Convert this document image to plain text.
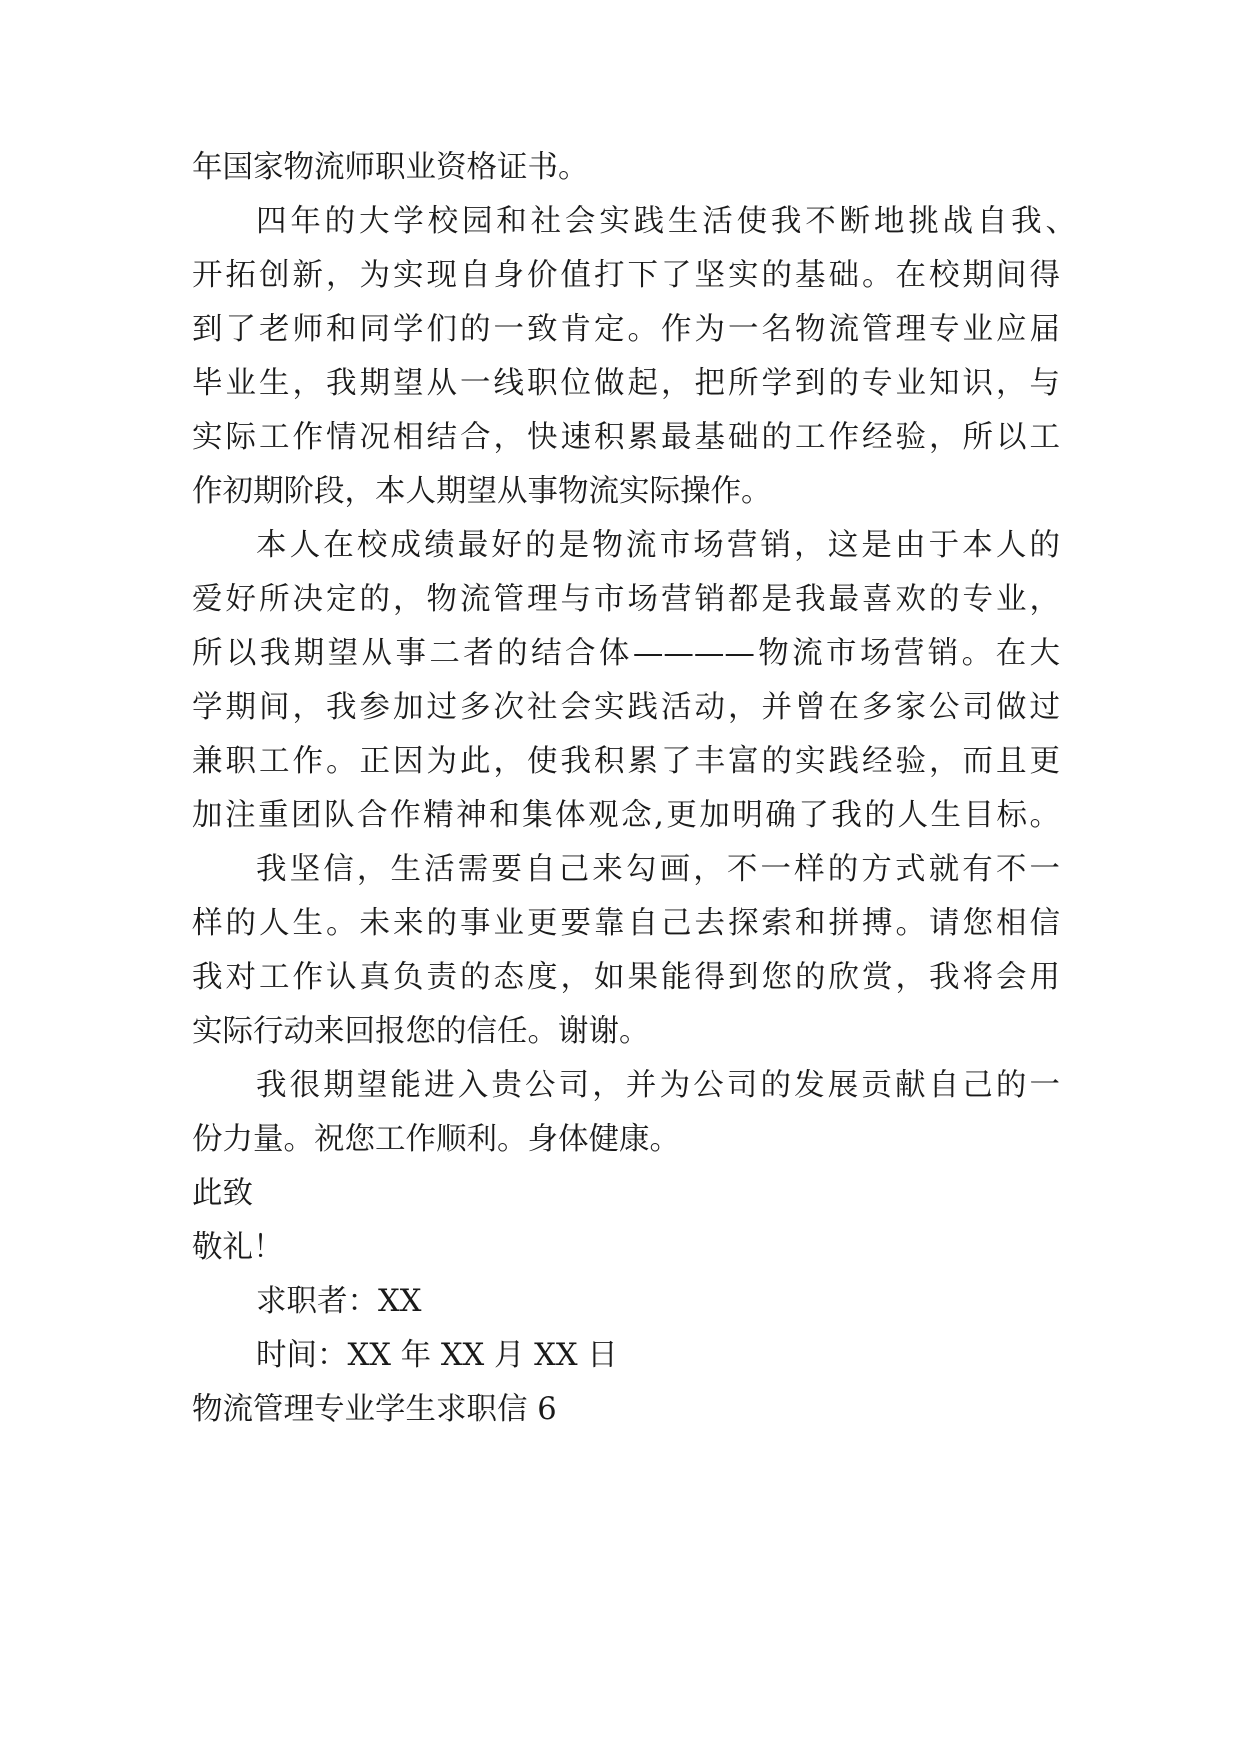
年国家物流师职业资格证书。
四年的大学校园和社会实践生活使我不断地挑战自我、
开拓创新，为实现自身价值打下了坚实的基础。在校期间得
到了老师和同学们的一致肯定。作为一名物流管理专业应届
毕业生，我期望从一线职位做起，把所学到的专业知识，与
实际工作情况相结合，快速积累最基础的工作经验，所以工
作初期阶段，本人期望从事物流实际操作。
本人在校成绩最好的是物流市场营销，这是由于本人的
爱好所决定的，物流管理与市场营销都是我最喜欢的专业，
所以我期望从事二者的结合体————物流市场营销。在大
学期间，我参加过多次社会实践活动，并曾在多家公司做过
兼职工作。正因为此，使我积累了丰富的实践经验，而且更
加注重团队合作精神和集体观念,更加明确了我的人生目标。
我坚信，生活需要自己来勾画，不一样的方式就有不一
样的人生。未来的事业更要靠自己去探索和拼搏。请您相信
我对工作认真负责的态度，如果能得到您的欣赏，我将会用
实际行动来回报您的信任。谢谢。
我很期望能进入贵公司，并为公司的发展贡献自己的一
份力量。祝您工作顺利。身体健康。
此致
敬礼！
求职者：XX
时间：XX 年 XX 月 XX 日
物流管理专业学生求职信 6
